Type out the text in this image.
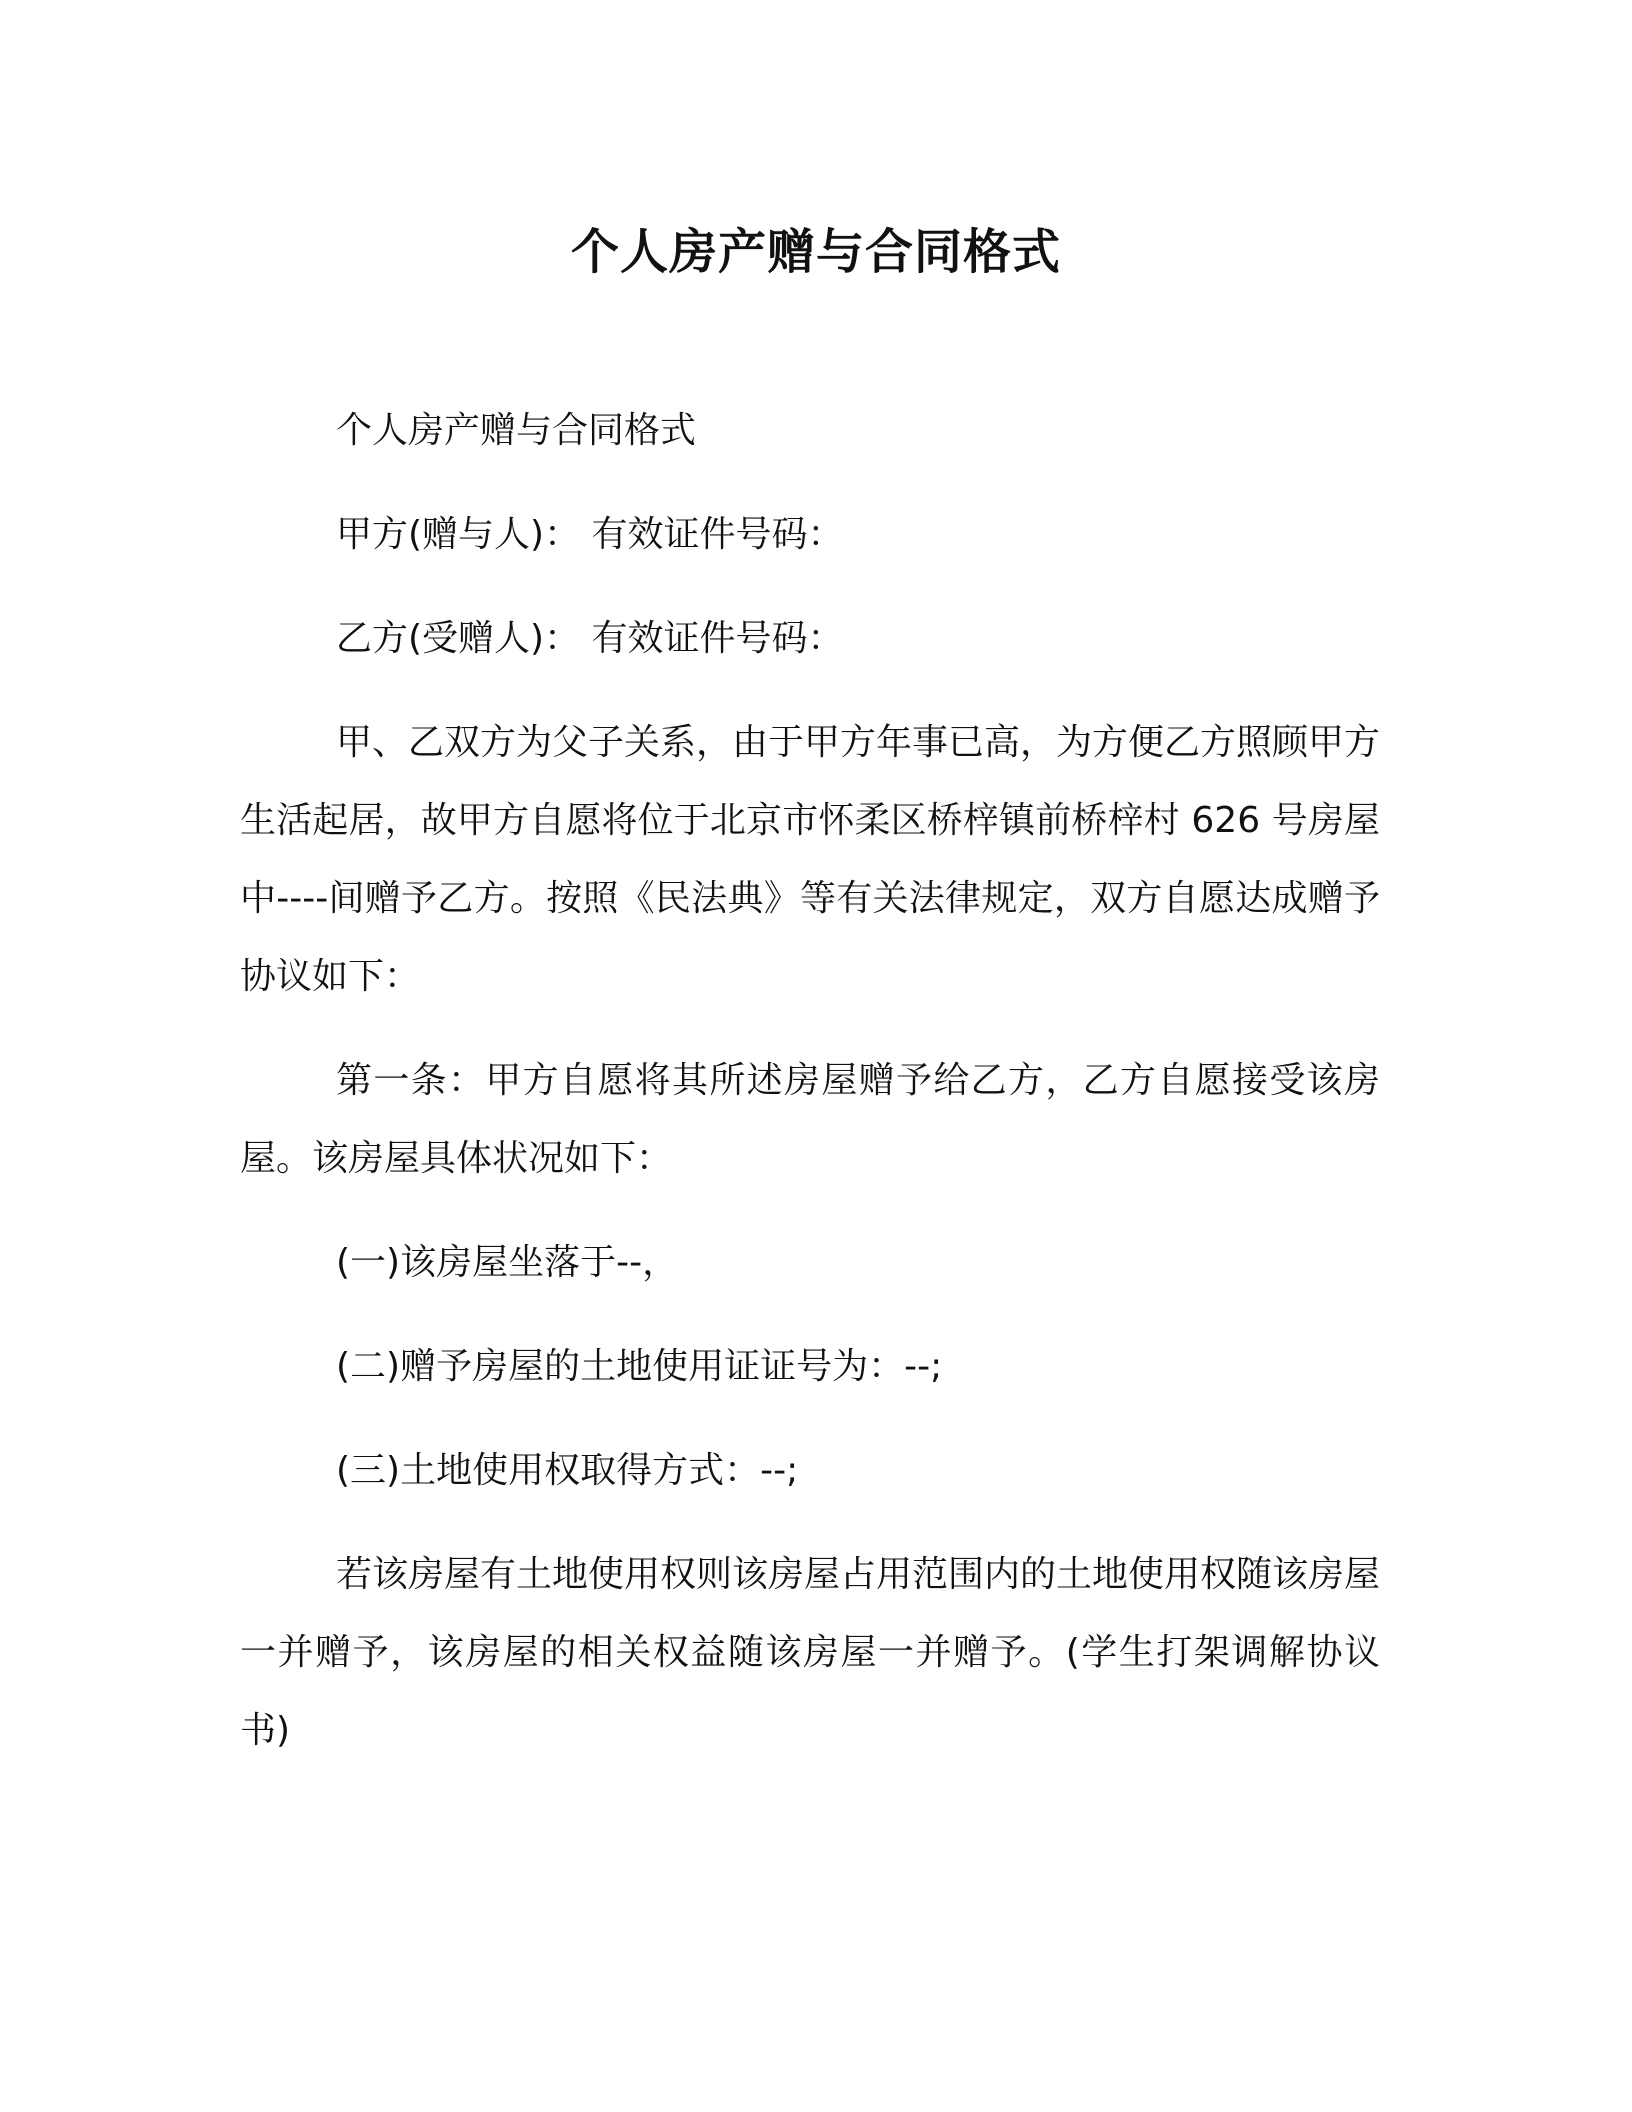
个人房产赠与合同格式

个人房产赠与合同格式

甲方(赠与人)： 有效证件号码：

乙方(受赠人)： 有效证件号码：

甲、乙双方为父子关系，由于甲方年事已高，为方便乙方照顾甲方生活起居，故甲方自愿将位于北京市怀柔区桥梓镇前桥梓村 626 号房屋中----间赠予乙方。按照《民法典》等有关法律规定，双方自愿达成赠予协议如下：

第一条：甲方自愿将其所述房屋赠予给乙方，乙方自愿接受该房屋。该房屋具体状况如下：

(一)该房屋坐落于--，

(二)赠予房屋的土地使用证证号为：--;

(三)土地使用权取得方式：--;

若该房屋有土地使用权则该房屋占用范围内的土地使用权随该房屋一并赠予，该房屋的相关权益随该房屋一并赠予。(学生打架调解协议书)
